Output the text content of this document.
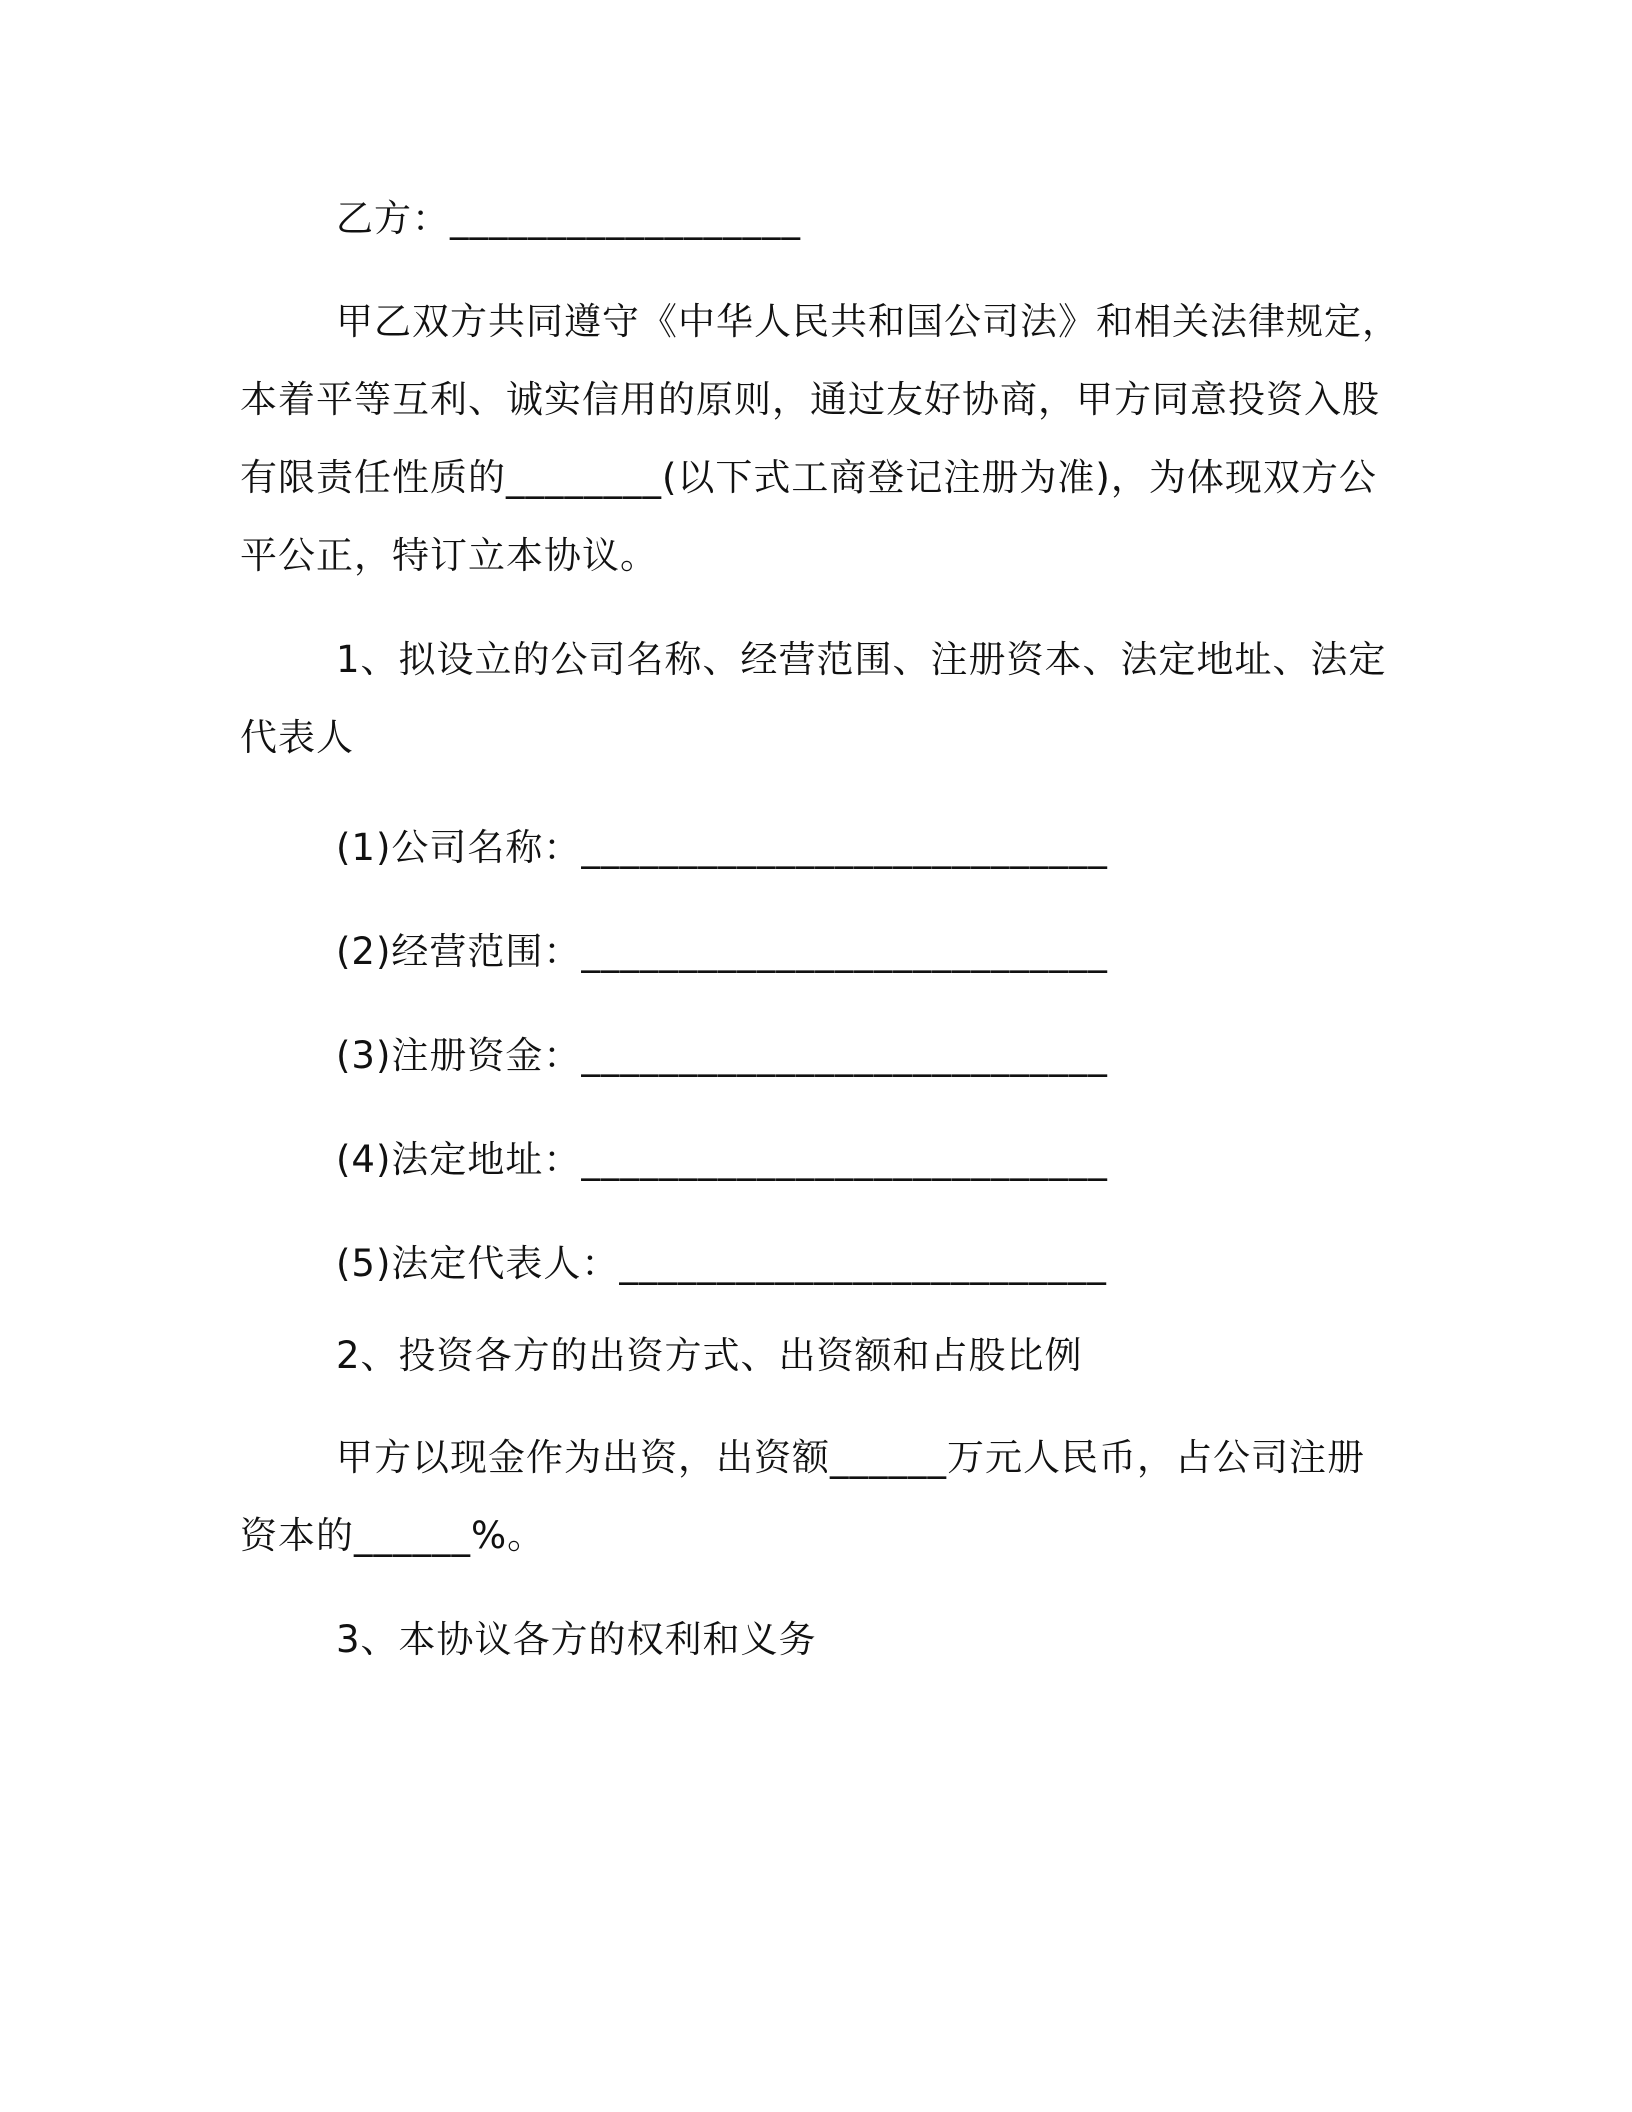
乙方：__________________
甲乙双方共同遵守《中华人民共和国公司法》和相关法律规定，
本着平等互利、诚实信用的原则，通过友好协商，甲方同意投资入股
有限责任性质的________(以下式工商登记注册为准)，为体现双方公
平公正，特订立本协议。
1、拟设立的公司名称、经营范围、注册资本、法定地址、法定
代表人
(1)公司名称：___________________________
(2)经营范围：___________________________
(3)注册资金：___________________________
(4)法定地址：___________________________
(5)法定代表人：_________________________
2、投资各方的出资方式、出资额和占股比例
甲方以现金作为出资，出资额______万元人民币，占公司注册
资本的______%。
3、本协议各方的权利和义务
